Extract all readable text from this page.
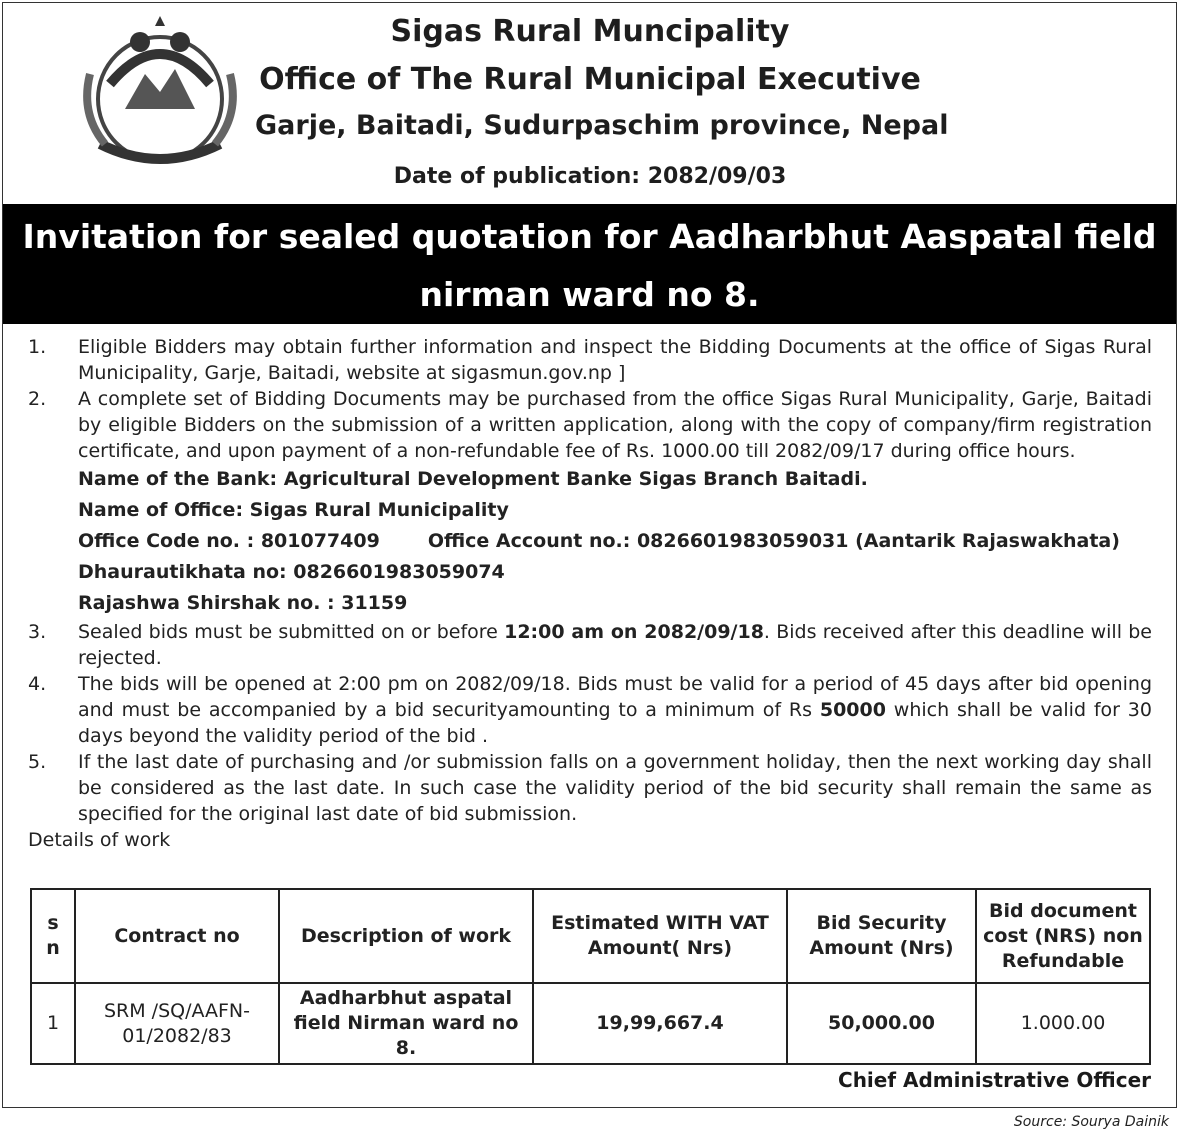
Sigas Rural Muncipality
Office of The Rural Municipal Executive
Garje, Baitadi, Sudurpaschim province, Nepal
Date of publication: 2082/09/03
Invitation for sealed quotation for Aadharbhut Aaspatal field
nirman ward no 8.
1. Eligible Bidders may obtain further information and inspect the Bidding Documents at the office of Sigas Rural Municipality, Garje, Baitadi, website at sigasmun.gov.np ]
2. A complete set of Bidding Documents may be purchased from the office Sigas Rural Municipality, Garje, Baitadi by eligible Bidders on the submission of a written application, along with the copy of company/firm registration certificate, and upon payment of a non-refundable fee of Rs. 1000.00 till 2082/09/17 during office hours.
Name of the Bank: Agricultural Development Banke Sigas Branch Baitadi.
Name of Office: Sigas Rural Municipality
Office Code no. : 801077409	Office Account no.: 0826601983059031 (Aantarik Rajaswakhata)
Dhaurautikhata no: 0826601983059074
Rajashwa Shirshak no. : 31159
3. Sealed bids must be submitted on or before 12:00 am on 2082/09/18. Bids received after this deadline will be rejected.
4. The bids will be opened at 2:00 pm on 2082/09/18. Bids must be valid for a period of 45 days after bid opening and must be accompanied by a bid securityamounting to a minimum of Rs 50000 which shall be valid for 30 days beyond the validity period of the bid .
5. If the last date of purchasing and /or submission falls on a government holiday, then the next working day shall be considered as the last date. In such case the validity period of the bid security shall remain the same as specified for the original last date of bid submission.
Details of work
s n	Contract no	Description of work	Estimated WITH VAT Amount( Nrs)	Bid Security Amount (Nrs)	Bid document cost (NRS) non Refundable
1	SRM /SQ/AAFN-01/2082/83	Aadharbhut aspatal field Nirman ward no 8.	19,99,667.4	50,000.00	1.000.00
Chief Administrative Officer
Source: Sourya Dainik
